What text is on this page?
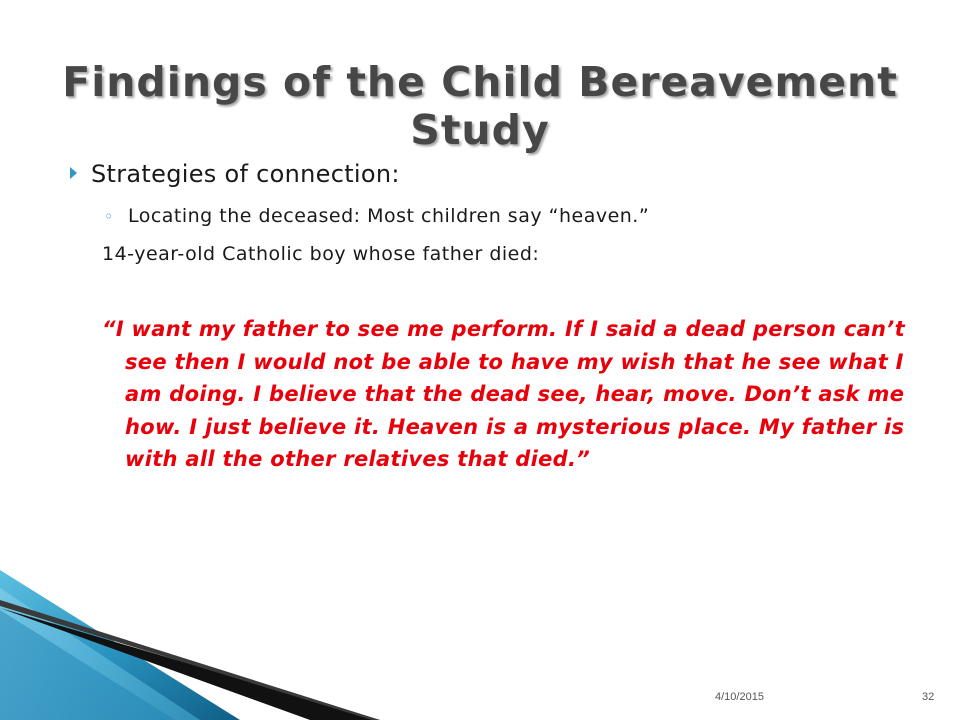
Findings of the Child Bereavement Study
Strategies of connection:
◦ Locating the deceased: Most children say “heaven.”
14-year-old Catholic boy whose father died:

“I want my father to see me perform. If I said a dead person can’t see then I would not be able to have my wish that he see what I am doing. I believe that the dead see, hear, move. Don’t ask me how. I just believe it. Heaven is a mysterious place. My father is with all the other relatives that died.”

4/10/2015	32
